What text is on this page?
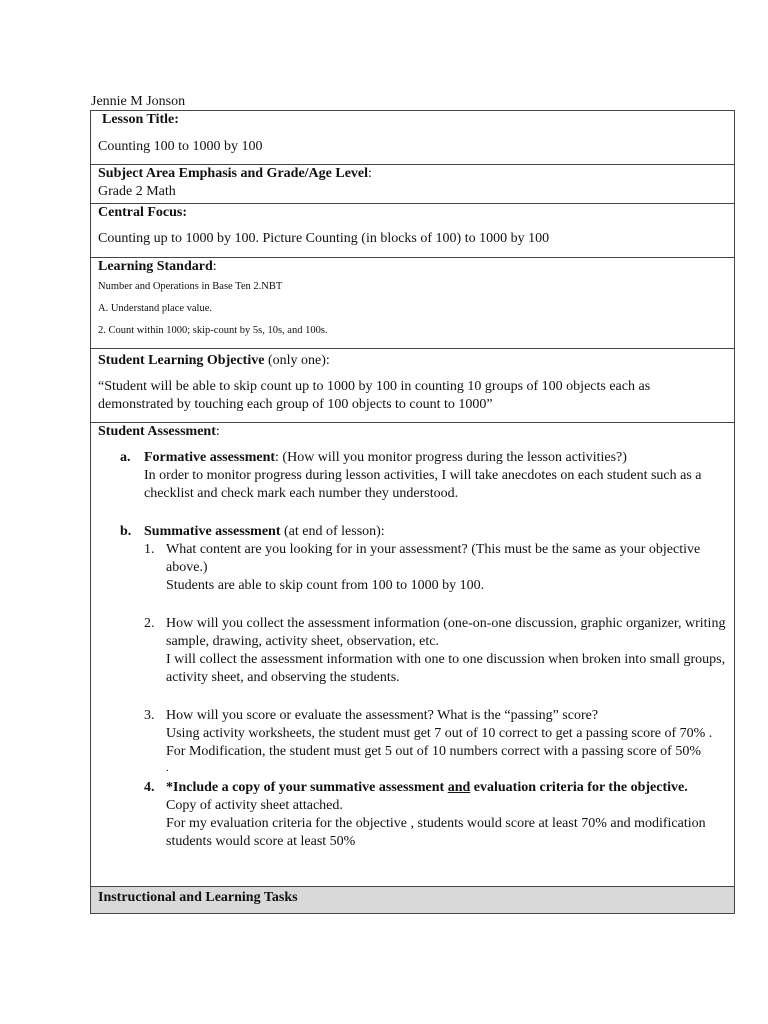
Jennie M Jonson
Lesson Title:
Counting 100 to 1000 by 100

Subject Area Emphasis and Grade/Age Level:
Grade 2 Math

Central Focus:
Counting up to 1000 by 100. Picture Counting (in blocks of 100) to 1000 by 100

Learning Standard:

Number and Operations in Base Ten 2.NBT

A. Understand place value.

2. Count within 1000; skip-count by 5s, 10s, and 100s.

Student Learning Objective (only one):
“Student will be able to skip count up to 1000 by 100 in counting 10 groups of 100 objects each as demonstrated by touching each group of 100 objects to count to 1000”

Student Assessment:
a. Formative assessment: (How will you monitor progress during the lesson activities?)
In order to monitor progress during lesson activities, I will take anecdotes on each student such as a checklist and check mark each number they understood.
b. Summative assessment (at end of lesson):
1. What content are you looking for in your assessment? (This must be the same as your objective above.)
Students are able to skip count from 100 to 1000 by 100.
2. How will you collect the assessment information (one-on-one discussion, graphic organizer, writing sample, drawing, activity sheet, observation, etc.
I will collect the assessment information with one to one discussion when broken into small groups, activity sheet, and observing the students.
3. How will you score or evaluate the assessment? What is the “passing” score?
Using activity worksheets, the student must get 7 out of 10 correct to get a passing score of 70% . For Modification, the student must get 5 out of 10 numbers correct with a passing score of 50%
.
4. *Include a copy of your summative assessment and evaluation criteria for the objective.
Copy of activity sheet attached.
For my evaluation criteria for the objective , students would score at least 70% and modification students would score at least 50%

Instructional and Learning Tasks
